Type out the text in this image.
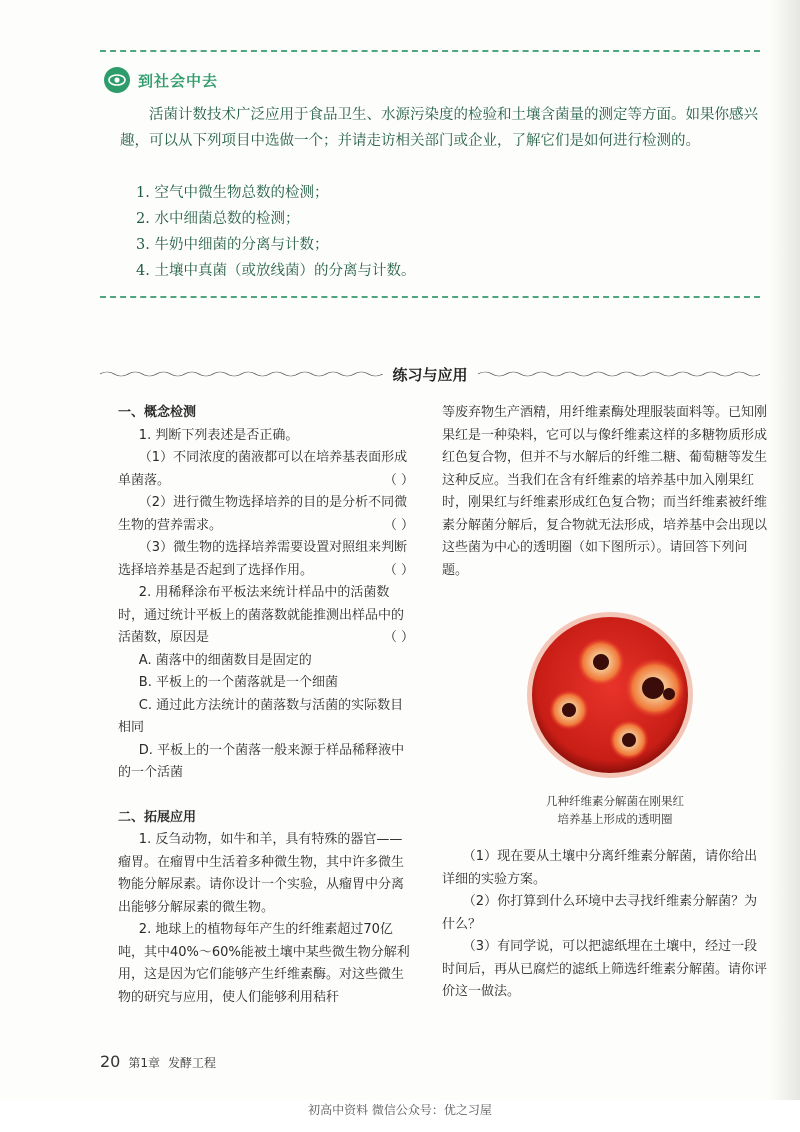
到社会中去
活菌计数技术广泛应用于食品卫生、水源污染度的检验和土壤含菌量的测定等方面。如果你感兴趣，可以从下列项目中选做一个；并请走访相关部门或企业，了解它们是如何进行检测的。
1. 空气中微生物总数的检测；
2. 水中细菌总数的检测；
3. 牛奶中细菌的分离与计数；
4. 土壤中真菌（或放线菌）的分离与计数。
练习与应用
一、概念检测
1. 判断下列表述是否正确。
（1）不同浓度的菌液都可以在培养基表面形成单菌落。	（ ）
（2）进行微生物选择培养的目的是分析不同微生物的营养需求。	（ ）
（3）微生物的选择培养需要设置对照组来判断选择培养基是否起到了选择作用。	（ ）
2. 用稀释涂布平板法来统计样品中的活菌数时，通过统计平板上的菌落数就能推测出样品中的活菌数，原因是	（ ）
A. 菌落中的细菌数目是固定的
B. 平板上的一个菌落就是一个细菌
C. 通过此方法统计的菌落数与活菌的实际数目相同
D. 平板上的一个菌落一般来源于样品稀释液中的一个活菌
二、拓展应用
1. 反刍动物，如牛和羊，具有特殊的器官——瘤胃。在瘤胃中生活着多种微生物，其中许多微生物能分解尿素。请你设计一个实验，从瘤胃中分离出能够分解尿素的微生物。
2. 地球上的植物每年产生的纤维素超过70亿吨，其中40%～60%能被土壤中某些微生物分解利用，这是因为它们能够产生纤维素酶。对这些微生物的研究与应用，使人们能够利用秸秆
等废弃物生产酒精，用纤维素酶处理服装面料等。已知刚果红是一种染料，它可以与像纤维素这样的多糖物质形成红色复合物，但并不与水解后的纤维二糖、葡萄糖等发生这种反应。当我们在含有纤维素的培养基中加入刚果红时，刚果红与纤维素形成红色复合物；而当纤维素被纤维素分解菌分解后，复合物就无法形成，培养基中会出现以这些菌为中心的透明圈（如下图所示）。请回答下列问题。
几种纤维素分解菌在刚果红
培养基上形成的透明圈
（1）现在要从土壤中分离纤维素分解菌，请你给出详细的实验方案。
（2）你打算到什么环境中去寻找纤维素分解菌？为什么？
（3）有同学说，可以把滤纸埋在土壤中，经过一段时间后，再从已腐烂的滤纸上筛选纤维素分解菌。请你评价这一做法。
20 第1章 发酵工程
初高中资料 微信公众号：优之习屋
